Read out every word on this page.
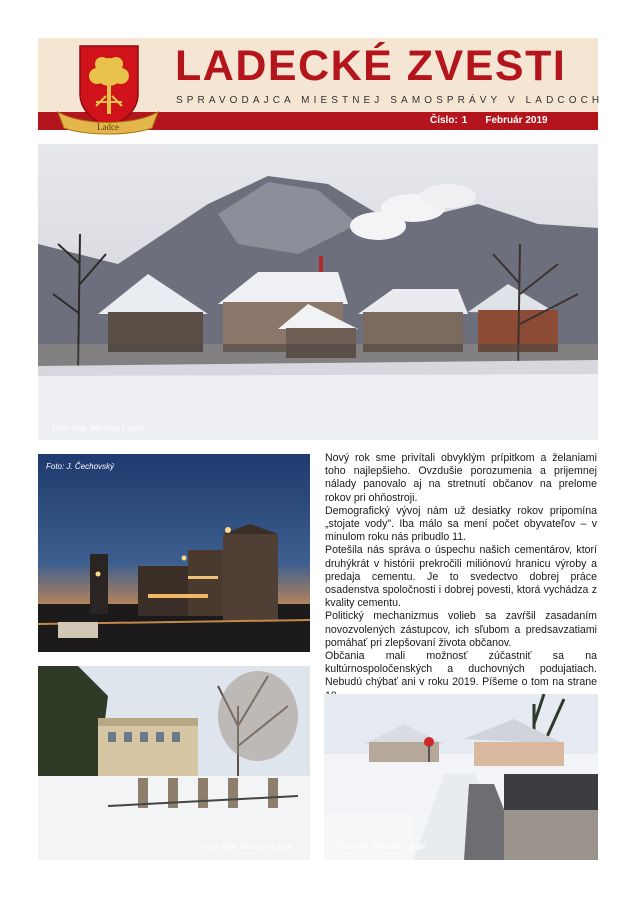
Ladce
LADECKÉ ZVESTI
SPRAVODAJCA MIESTNEJ SAMOSPRÁVY V LADCOCH
Číslo: 1 Február 2019
Foto: Mgr. Miroslav Lipták
Foto: J. Čechovský

Nový rok sme privítali obvyklým prípitkom a želaniami toho najlepšieho. Ovzdušie porozumenia a prijemnej nálady panovalo aj na stretnutí občanov na prelome rokov pri ohňostroji.

Demografický vývoj nám už desiatky rokov pripomína „stojate vody". Iba málo sa mení počet obyvateľov – v minulom roku nás pribudlo 11.

Potešila nás správa o úspechu našich cementárov, ktorí druhýkrát v histórii prekročili miliónovú hranicu výroby a predaja cementu. Je to svedectvo dobrej práce osadenstva spoločnosti i dobrej povesti, ktorá vychádza z kvality cementu.

Politický mechanizmus volieb sa zavŕšil zasadaním novozvolených zástupcov, ich sľubom a predsavzatiami pomáhať pri zlepšovaní života občanov.

Občania mali možnosť zúčastniť sa na kultúrnospoločenských a duchovných podujatiach. Nebudú chýbať ani v roku 2019. Píšeme o tom na strane

Foto: Mgr. Miroslav Lipták	Foto: Mgr. Miroslav Lipták
